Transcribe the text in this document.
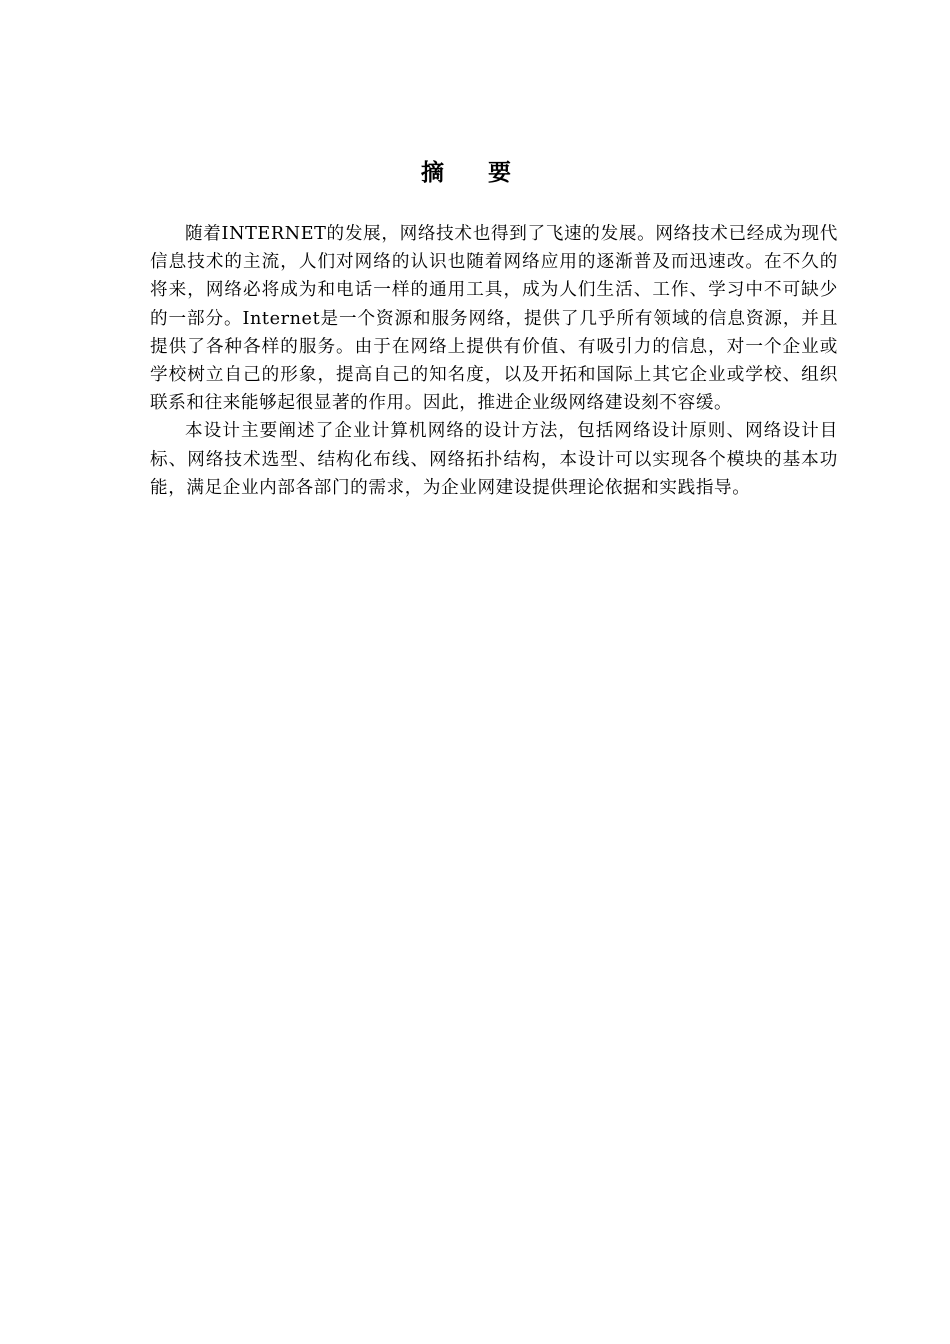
摘 要

随着INTERNET的发展，网络技术也得到了飞速的发展。网络技术已经成为现代信息技术的主流，人们对网络的认识也随着网络应用的逐渐普及而迅速改。在不久的将来，网络必将成为和电话一样的通用工具，成为人们生活、工作、学习中不可缺少的一部分。Internet是一个资源和服务网络，提供了几乎所有领域的信息资源，并且提供了各种各样的服务。由于在网络上提供有价值、有吸引力的信息，对一个企业或学校树立自己的形象，提高自己的知名度，以及开拓和国际上其它企业或学校、组织联系和往来能够起很显著的作用。因此，推进企业级网络建设刻不容缓。

本设计主要阐述了企业计算机网络的设计方法，包括网络设计原则、网络设计目标、网络技术选型、结构化布线、网络拓扑结构，本设计可以实现各个模块的基本功能，满足企业内部各部门的需求，为企业网建设提供理论依据和实践指导。
